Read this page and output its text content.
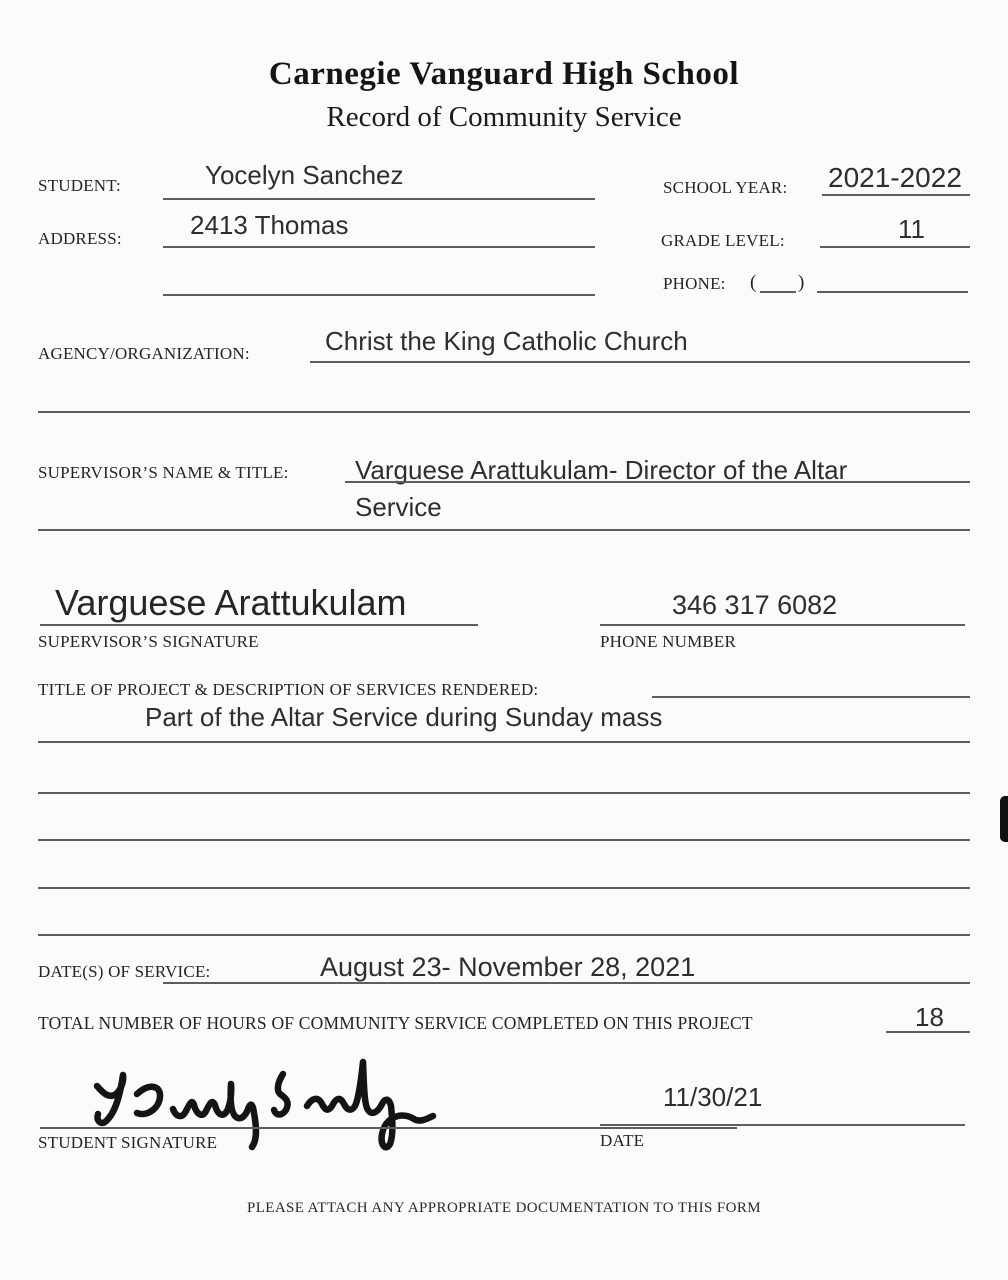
Carnegie Vanguard High School
Record of Community Service
STUDENT:	Yocelyn Sanchez	SCHOOL YEAR: 2021-2022
ADDRESS:	2413 Thomas
GRADE LEVEL:	11
PHONE: ( )
AGENCY/ORGANIZATION:	Christ the King Catholic Church
SUPERVISOR’S NAME & TITLE:	Varguese Arattukulam- Director of the Altar
Service
Varguese Arattukulam
SUPERVISOR’S SIGNATURE
346 317 6082
PHONE NUMBER
TITLE OF PROJECT & DESCRIPTION OF SERVICES RENDERED:
Part of the Altar Service during Sunday mass
DATE(S) OF SERVICE:	August 23- November 28, 2021
TOTAL NUMBER OF HOURS OF COMMUNITY SERVICE COMPLETED ON THIS PROJECT	18
STUDENT SIGNATURE
11/30/21
DATE
PLEASE ATTACH ANY APPROPRIATE DOCUMENTATION TO THIS FORM
